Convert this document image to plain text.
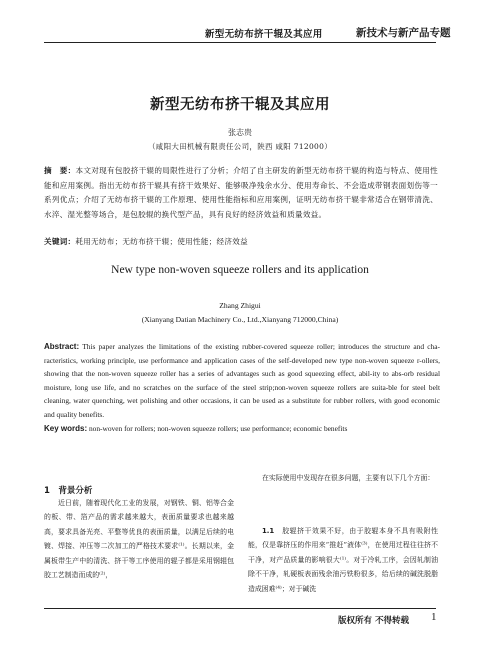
新型无纺布挤干辊及其应用	新技术与新产品专题
新型无纺布挤干辊及其应用
张志贵
（咸阳大田机械有限责任公司，陕西 咸阳 712000）
摘　要：本文对现有包胶挤干辊的局限性进行了分析；介绍了自主研发的新型无纺布挤干辊的构造与特点、使用性能和应用案例。指出无纺布挤干辊具有挤干效果好、能够吸净残余水分、使用寿命长、不会造成带钢表面划伤等一系列优点；介绍了无纺布挤干辊的工作原理、使用性能指标和应用案例，证明无纺布挤干辊非常适合在钢带清洗、水淬、湿光整等场合，是包胶辊的换代型产品，具有良好的经济效益和质量效益。
关键词：耗用无纺布；无纺布挤干辊；使用性能；经济效益
New type non-woven squeeze rollers and its application
Zhang Zhigui
(Xianyang Datian Machinery Co., Ltd.,Xianyang 712000,China)
Abstract: This paper analyzes the limitations of the existing rubber-covered squeeze roller; introduces the structure and cha-racteristics, working principle, use performance and application cases of the self-developed new type non-woven squeeze r-ollers, showing that the non-woven squeeze roller has a series of advantages such as good squeezing effect, abil-ity to abs-orb residual moisture, long use life, and no scratches on the surface of the steel strip;non-woven squeeze rollers are suita-ble for steel belt cleaning, water quenching, wet polishing and other occasions, it can be used as a substitute for rubber rollers, with good economic and quality benefits.
Key words: non-woven for rollers; non-woven squeeze rollers; use performance; economic benefits
1　背景分析
近日前，随着现代化工业的发展，对钢铁、铜、铝等合金的板、带、箔产品的需求越来越大，表面质量要求也越来越高，要求具备光亮、平整等优良的表面质量，以满足后续的电镀、焊接、冲压等二次加工的严格技术要求⁽¹⁾。长期以来，金属板带生产中的清洗、挤干等工序使用的辊子都是采用钢辊包胶工艺制造而成的⁽²⁾，
在实际使用中发现存在很多问题，主要有以下几个方面：
1.1　胶辊挤干效果不好，由于胶辊本身不具有吸附性能，仅是靠挤压的作用来“推赶”液体⁽³⁾，在使用过程往往挤不干净，对产品质量的影响很大⁽¹⁾。对于冷轧工序，会因轧制油除不干净，轧硬板表面残余油污铁粉很多，给后续的碱洗脱脂造成困难⁽⁴⁾；对于碱洗
版权所有 不得转载 1
